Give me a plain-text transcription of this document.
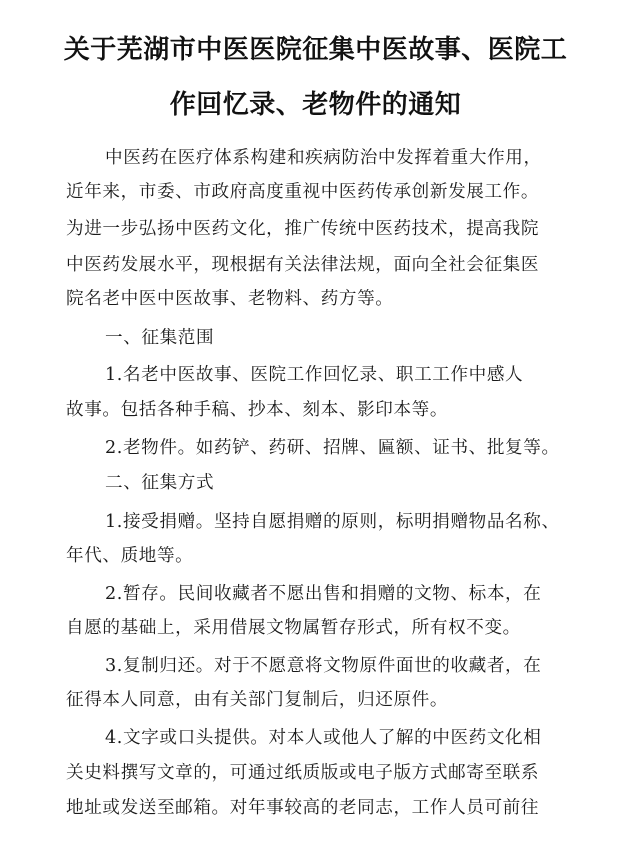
关于芜湖市中医医院征集中医故事、医院工
作回忆录、老物件的通知
中医药在医疗体系构建和疾病防治中发挥着重大作用，
近年来，市委、市政府高度重视中医药传承创新发展工作。
为进一步弘扬中医药文化，推广传统中医药技术，提高我院
中医药发展水平，现根据有关法律法规，面向全社会征集医
院名老中医中医故事、老物料、药方等。
一、征集范围
1.名老中医故事、医院工作回忆录、职工工作中感人
故事。包括各种手稿、抄本、刻本、影印本等。
2.老物件。如药铲、药研、招牌、匾额、证书、批复等。
二、征集方式
1.接受捐赠。坚持自愿捐赠的原则，标明捐赠物品名称、
年代、质地等。
2.暂存。民间收藏者不愿出售和捐赠的文物、标本，在
自愿的基础上，采用借展文物属暂存形式，所有权不变。
3.复制归还。对于不愿意将文物原件面世的收藏者，在
征得本人同意，由有关部门复制后，归还原件。
4.文字或口头提供。对本人或他人了解的中医药文化相
关史料撰写文章的，可通过纸质版或电子版方式邮寄至联系
地址或发送至邮箱。对年事较高的老同志，工作人员可前往
